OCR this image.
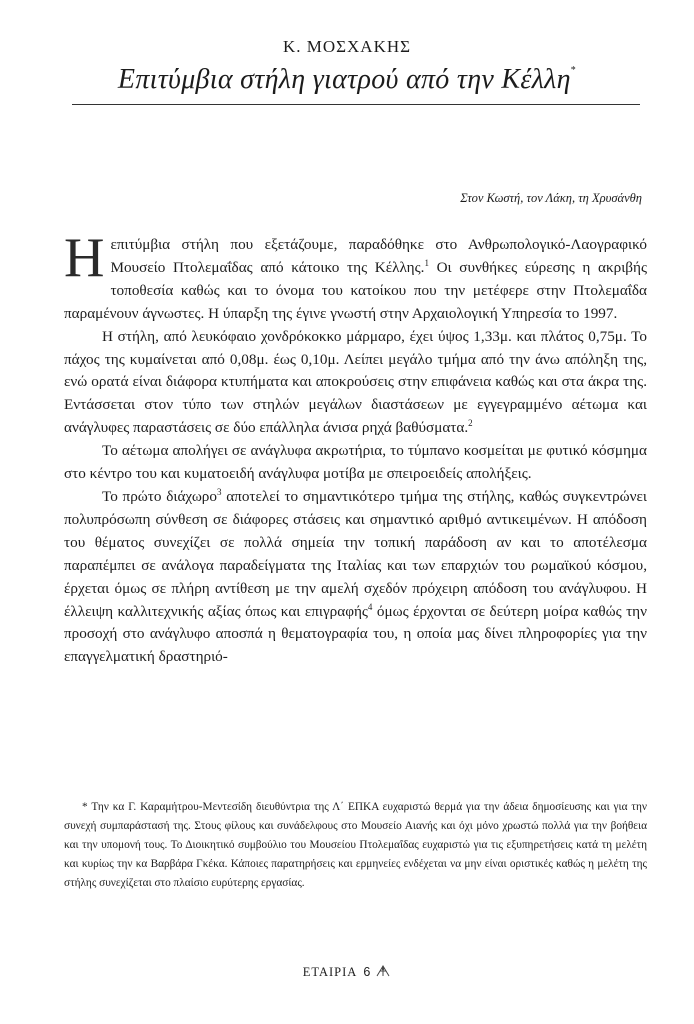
Κ. ΜΟΣΧΑΚΗΣ
Επιτύμβια στήλη γιατρού από την Κέλλη*
Στον Κωστή, τον Λάκη, τη Χρυσάνθη

Ηεπιτύμβια στήλη που εξετάζουμε, παραδόθηκε στο Ανθρωπολογικό-Λαογραφικό Μουσείο Πτολεμαΐδας από κάτοικο της Κέλλης.$^1$ Οι συνθήκες εύρεσης η ακριβής τοποθεσία καθώς και το όνομα του κατοίκου που την μετέφερε στην Πτολεμαΐδα παραμένουν άγνωστες. Η ύπαρξη της έγινε γνωστή στην Αρχαιολογική Υπηρεσία το 1997.

Η στήλη, από λευκόφαιο χονδρόκοκκο μάρμαρο, έχει ύψος 1,33μ. και πλάτος 0,75μ. Το πάχος της κυμαίνεται από 0,08μ. έως 0,10μ. Λείπει μεγάλο τμήμα από την άνω απόληξη της, ενώ ορατά είναι διάφορα κτυπήματα και αποκρούσεις στην επιφάνεια καθώς και στα άκρα της. Εντάσσεται στον τύπο των στηλών μεγάλων διαστάσεων με εγγεγραμμένο αέτωμα και ανάγλυφες παραστάσεις σε δύο επάλληλα άνισα ρηχά βαθύσματα.$^2$

Το αέτωμα απολήγει σε ανάγλυφα ακρωτήρια, το τύμπανο κοσμείται με φυτικό κόσμημα στο κέντρο του και κυματοειδή ανάγλυφα μοτίβα με σπειροειδείς απολήξεις.

Το πρώτο διάχωρο$^3$ αποτελεί το σημαντικότερο τμήμα της στήλης, καθώς συγκεντρώνει πολυπρόσωπη σύνθεση σε διάφορες στάσεις και σημαντικό αριθμό αντικειμένων. Η απόδοση του θέματος συνεχίζει σε πολλά σημεία την τοπική παράδοση αν και το αποτέλεσμα παραπέμπει σε ανάλογα παραδείγματα της Ιταλίας και των επαρχιών του ρωμαϊκού κόσμου, έρχεται όμως σε πλήρη αντίθεση με την αμελή σχεδόν πρόχειρη απόδοση του ανάγλυφου. Η έλλειψη καλλιτεχνικής αξίας όπως και επιγραφής$^4$ όμως έρχονται σε δεύτερη μοίρα καθώς την προσοχή στο ανάγλυφο αποσπά η θεματογραφία του, η οποία μας δίνει πληροφορίες για την επαγγελματική δραστηριό-

* Την κα Γ. Καραμήτρου-Μεντεσίδη διευθύντρια της Λ΄ ΕΠΚΑ ευχαριστώ θερμά για την άδεια δημοσίευσης και για την συνεχή συμπαράστασή της. Στους φίλους και συνάδελφους στο Μουσείο Αιανής και όχι μόνο χρωστώ πολλά για την βοήθεια και την υπομονή τους. Το Διοικητικό συμβούλιο του Μουσείου Πτολεμαΐδας ευχαριστώ για τις εξυπηρετήσεις κατά τη μελέτη και κυρίως την κα Βαρβάρα Γκέκα. Κάποιες παρατηρήσεις και ερμηνείες ενδέχεται να μην είναι οριστικές καθώς η μελέτη της στήλης συνεχίζεται στο πλαίσιο ευρύτερης εργασίας.
ΕΤΑΙΡΙΑ 6
